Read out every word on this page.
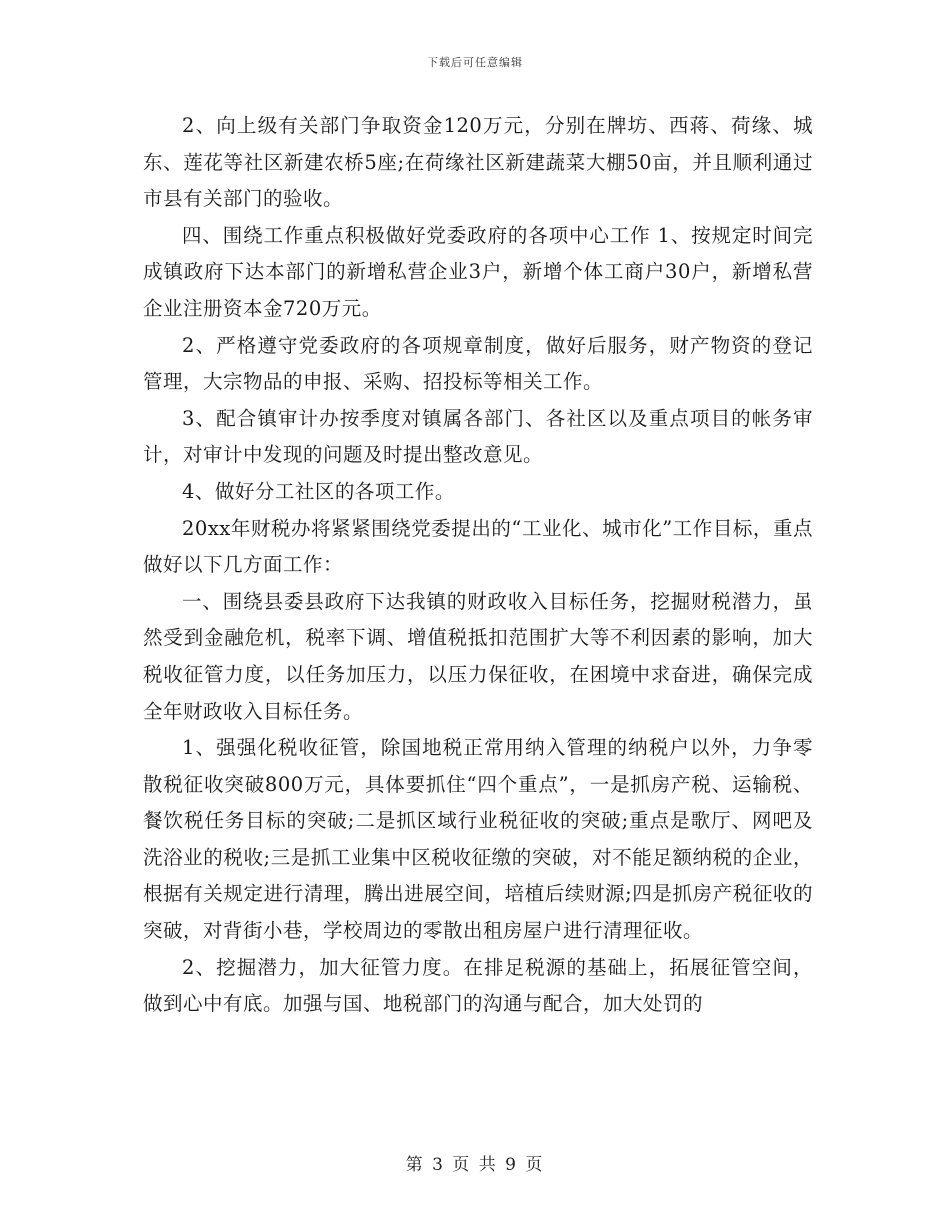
下载后可任意编辑

2、向上级有关部门争取资金120万元，分别在牌坊、西蒋、荷缘、城东、莲花等社区新建农桥5座;在荷缘社区新建蔬菜大棚50亩，并且顺利通过市县有关部门的验收。

四、围绕工作重点积极做好党委政府的各项中心工作 1、按规定时间完成镇政府下达本部门的新增私营企业3户，新增个体工商户30户，新增私营企业注册资本金720万元。

2、严格遵守党委政府的各项规章制度，做好后服务，财产物资的登记管理，大宗物品的申报、采购、招投标等相关工作。

3、配合镇审计办按季度对镇属各部门、各社区以及重点项目的帐务审计，对审计中发现的问题及时提出整改意见。

4、做好分工社区的各项工作。

20xx年财税办将紧紧围绕党委提出的“工业化、城市化”工作目标，重点做好以下几方面工作：

一、围绕县委县政府下达我镇的财政收入目标任务，挖掘财税潜力，虽然受到金融危机，税率下调、增值税抵扣范围扩大等不利因素的影响，加大税收征管力度，以任务加压力，以压力保征收，在困境中求奋进，确保完成全年财政收入目标任务。

1、强强化税收征管，除国地税正常用纳入管理的纳税户以外，力争零散税征收突破800万元，具体要抓住“四个重点”，一是抓房产税、运输税、餐饮税任务目标的突破;二是抓区域行业税征收的突破;重点是歌厅、网吧及洗浴业的税收;三是抓工业集中区税收征缴的突破，对不能足额纳税的企业，根据有关规定进行清理，腾出进展空间，培植后续财源;四是抓房产税征收的突破，对背街小巷，学校周边的零散出租房屋户进行清理征收。

2、挖掘潜力，加大征管力度。在排足税源的基础上，拓展征管空间，做到心中有底。加强与国、地税部门的沟通与配合，加大处罚的

第 3 页 共 9 页
